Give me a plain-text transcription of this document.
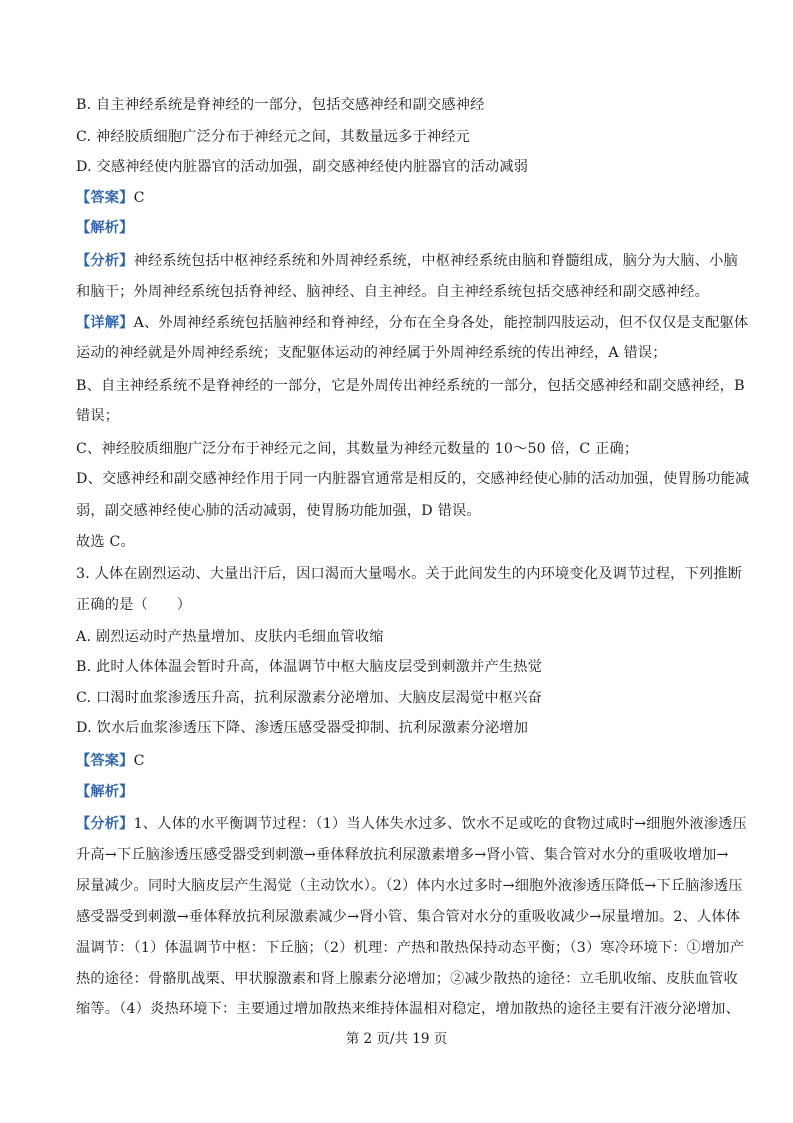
B. 自主神经系统是脊神经的一部分，包括交感神经和副交感神经
C. 神经胶质细胞广泛分布于神经元之间，其数量远多于神经元
D. 交感神经使内脏器官的活动加强，副交感神经使内脏器官的活动减弱
【答案】C
【解析】
【分析】神经系统包括中枢神经系统和外周神经系统，中枢神经系统由脑和脊髓组成，脑分为大脑、小脑
和脑干；外周神经系统包括脊神经、脑神经、自主神经。自主神经系统包括交感神经和副交感神经。
【详解】A、外周神经系统包括脑神经和脊神经，分布在全身各处，能控制四肢运动，但不仅仅是支配躯体
运动的神经就是外周神经系统；支配躯体运动的神经属于外周神经系统的传出神经，A 错误；
B、自主神经系统不是脊神经的一部分，它是外周传出神经系统的一部分，包括交感神经和副交感神经，B
错误；
C、神经胶质细胞广泛分布于神经元之间，其数量为神经元数量的 10～50 倍，C 正确；
D、交感神经和副交感神经作用于同一内脏器官通常是相反的，交感神经使心肺的活动加强，使胃肠功能减
弱，副交感神经使心肺的活动减弱，使胃肠功能加强，D 错误。
故选 C。
3. 人体在剧烈运动、大量出汗后，因口渴而大量喝水。关于此间发生的内环境变化及调节过程，下列推断
正确的是（　　）
A. 剧烈运动时产热量增加、皮肤内毛细血管收缩
B. 此时人体体温会暂时升高，体温调节中枢大脑皮层受到刺激并产生热觉
C. 口渴时血浆渗透压升高，抗利尿激素分泌增加、大脑皮层渴觉中枢兴奋
D. 饮水后血浆渗透压下降、渗透压感受器受抑制、抗利尿激素分泌增加
【答案】C
【解析】
【分析】1、人体的水平衡调节过程：（1）当人体失水过多、饮水不足或吃的食物过咸时→细胞外液渗透压
升高→下丘脑渗透压感受器受到刺激→垂体释放抗利尿激素增多→肾小管、集合管对水分的重吸收增加→
尿量减少。同时大脑皮层产生渴觉（主动饮水）。（2）体内水过多时→细胞外液渗透压降低→下丘脑渗透压
感受器受到刺激→垂体释放抗利尿激素减少→肾小管、集合管对水分的重吸收减少→尿量增加。2、人体体
温调节：（1）体温调节中枢：下丘脑；（2）机理：产热和散热保持动态平衡；（3）寒冷环境下：①增加产
热的途径：骨骼肌战栗、甲状腺激素和肾上腺素分泌增加；②减少散热的途径：立毛肌收缩、皮肤血管收
缩等。（4）炎热环境下：主要通过增加散热来维持体温相对稳定，增加散热的途径主要有汗液分泌增加、
第 2 页/共 19 页
